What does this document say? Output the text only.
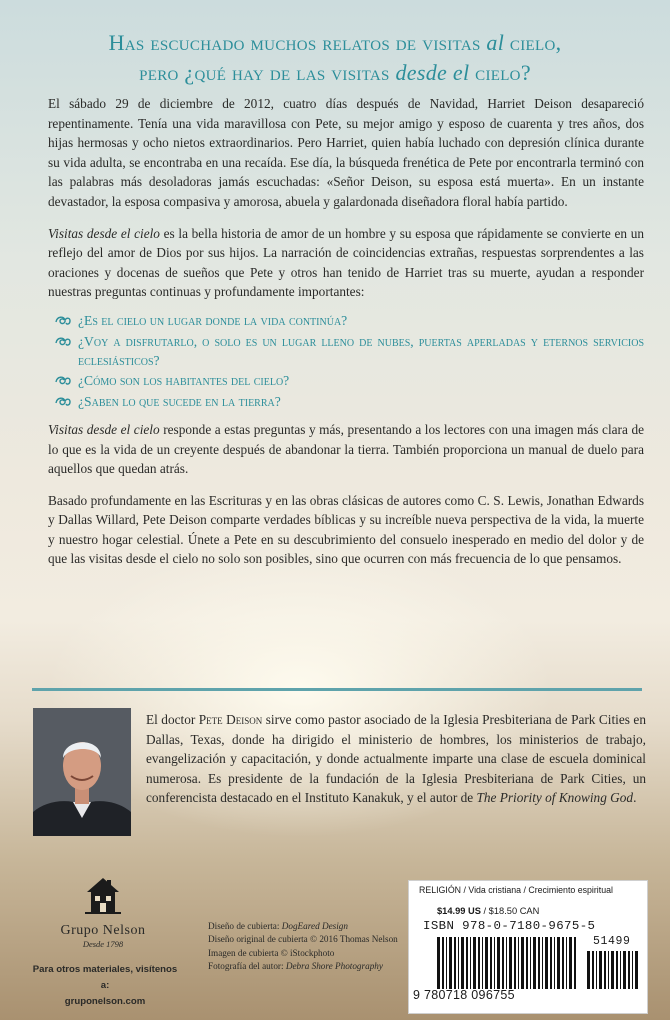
Has escuchado muchos relatos de visitas al cielo,
pero ¿qué hay de las visitas desde el cielo?

El sábado 29 de diciembre de 2012, cuatro días después de Navidad, Harriet Deison desapareció repentinamente. Tenía una vida maravillosa con Pete, su mejor amigo y esposo de cuarenta y tres años, dos hijas hermosas y ocho nietos extraordinarios. Pero Harriet, quien había luchado con depresión clínica durante su vida adulta, se encontraba en una recaída. Ese día, la búsqueda frenética de Pete por encontrarla terminó con las palabras más desoladoras jamás escuchadas: «Señor Deison, su esposa está muerta». En un instante devastador, la esposa compasiva y amorosa, abuela y galardonada diseñadora floral había partido.

Visitas desde el cielo es la bella historia de amor de un hombre y su esposa que rápidamente se convierte en un reflejo del amor de Dios por sus hijos. La narración de coincidencias extrañas, respuestas sorprendentes a las oraciones y docenas de sueños que Pete y otros han tenido de Harriet tras su muerte, ayudan a responder nuestras preguntas continuas y profundamente importantes:

¿Es el cielo un lugar donde la vida continúa?
¿Voy a disfrutarlo, o solo es un lugar lleno de nubes, puertas aperladas y eternos servicios eclesiásticos?
¿Cómo son los habitantes del cielo?
¿Saben lo que sucede en la tierra?

Visitas desde el cielo responde a estas preguntas y más, presentando a los lectores con una imagen más clara de lo que es la vida de un creyente después de abandonar la tierra. También proporciona un manual de duelo para aquellos que quedan atrás.

Basado profundamente en las Escrituras y en las obras clásicas de autores como C. S. Lewis, Jonathan Edwards y Dallas Willard, Pete Deison comparte verdades bíblicas y su increíble nueva perspectiva de la vida, la muerte y nuestro hogar celestial. Únete a Pete en su descubrimiento del consuelo inesperado en medio del dolor y de que las visitas desde el cielo no solo son posibles, sino que ocurren con más frecuencia de lo que pensamos.

El doctor Pete Deison sirve como pastor asociado de la Iglesia Presbiteriana de Park Cities en Dallas, Texas, donde ha dirigido el ministerio de hombres, los ministerios de trabajo, evangelización y capacitación, y donde actualmente imparte una clase de escuela dominical numerosa. Es presidente de la fundación de la Iglesia Presbiteriana de Park Cities, un conferencista destacado en el Instituto Kanakuk, y el autor de The Priority of Knowing God.
Grupo Nelson
Desde 1798
Para otros materiales, visítenos a:
gruponelson.com
Diseño de cubierta: DogEared Design
Diseño original de cubierta © 2016 Thomas Nelson
Imagen de cubierta © iStockphoto
Fotografía del autor: Debra Shore Photography
RELIGIÓN / Vida cristiana / Crecimiento espiritual
$14.99 US / $18.50 CAN
ISBN 978-0-7180-9675-5
51499
9 780718 096755
